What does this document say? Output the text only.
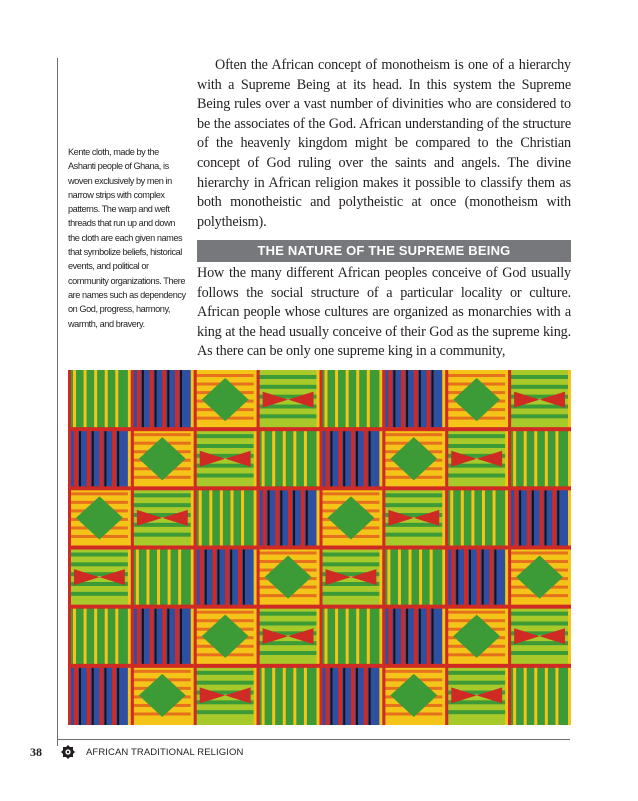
Kente cloth, made by the Ashanti people of Ghana, is woven exclusively by men in narrow strips with complex patterns. The warp and weft threads that run up and down the cloth are each given names that symbolize beliefs, historical events, and political or community organizations. There are names such as dependency on God, progress, harmony, warmth, and bravery.

Often the African concept of monotheism is one of a hierarchy with a Supreme Being at its head. In this system the Supreme Being rules over a vast number of divinities who are considered to be the associates of the God. African understanding of the structure of the heavenly kingdom might be compared to the Christian concept of God ruling over the saints and angels. The divine hierarchy in African religion makes it possible to classify them as both monotheistic and polytheistic at once (monotheism with polytheism).

THE NATURE OF THE SUPREME BEING

How the many different African peoples conceive of God usually follows the social structure of a particular locality or culture. African people whose cultures are organized as monarchies with a king at the head usually conceive of their God as the supreme king. As there can be only one supreme king in a community,

38	AFRICAN TRADITIONAL RELIGION
